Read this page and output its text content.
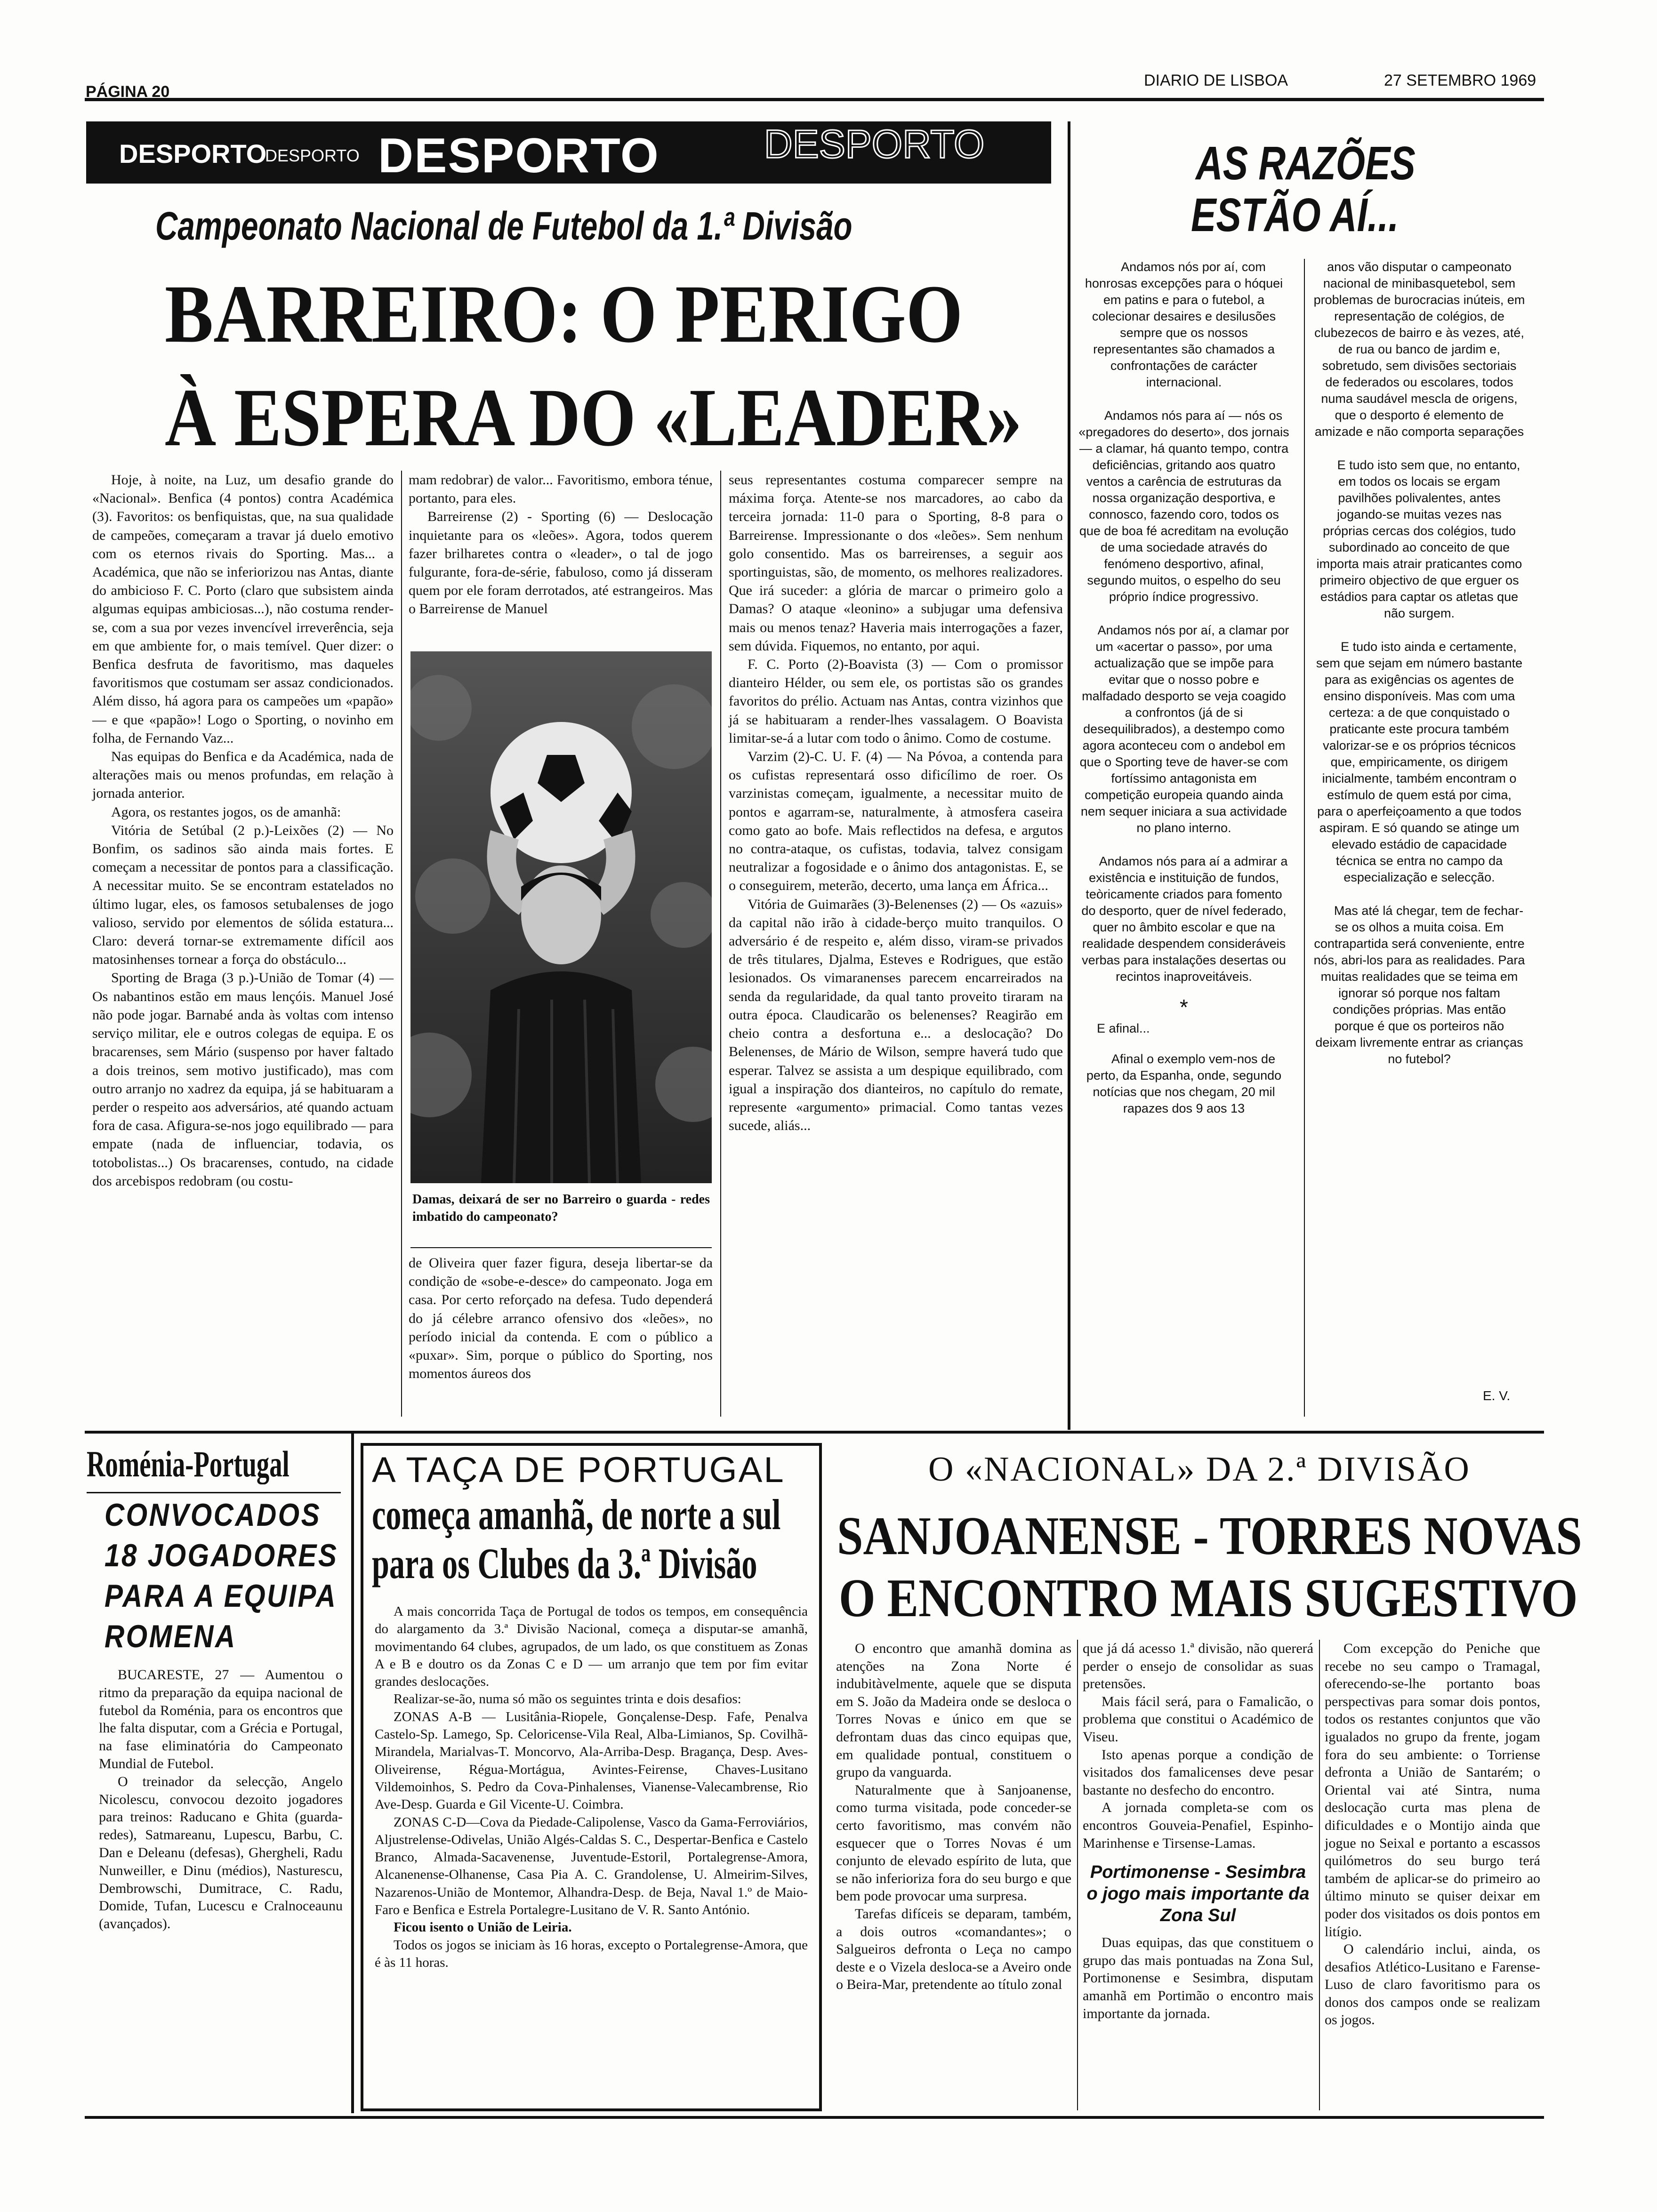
PÁGINA 20
DIARIO DE LISBOA	27 SETEMBRO 1969
DESPORTO
DESPORTO DESPORTO	DESPORTO
Campeonato Nacional de Futebol da 1.ª Divisão
BARREIRO: O PERIGO
À ESPERA DO «LEADER»

Hoje, à noite, na Luz, um desafio grande do «Nacional». Benfica (4 pontos) contra Académica (3). Favoritos: os benfiquistas, que, na sua qualidade de campeões, começaram a travar já duelo emotivo com os eternos rivais do Sporting. Mas... a Académica, que não se inferiorizou nas Antas, diante do ambicioso F. C. Porto (claro que subsistem ainda algumas equipas ambiciosas...), não costuma render-se, com a sua por vezes invencível irreverência, seja em que ambiente for, o mais temível. Quer dizer: o Benfica desfruta de favoritismo, mas daqueles favoritismos que costumam ser assaz condicionados. Além disso, há agora para os campeões um «papão» — e que «papão»! Logo o Sporting, o novinho em folha, de Fernando Vaz...

Nas equipas do Benfica e da Académica, nada de alterações mais ou menos profundas, em relação à jornada anterior.

Agora, os restantes jogos, os de amanhã:

Vitória de Setúbal (2 p.)-Leixões (2) — No Bonfim, os sadinos são ainda mais fortes. E começam a necessitar de pontos para a classificação. A necessitar muito. Se se encontram estatelados no último lugar, eles, os famosos setubalenses de jogo valioso, servido por elementos de sólida estatura... Claro: deverá tornar-se extremamente difícil aos matosinhenses tornear a força do obstáculo...

Sporting de Braga (3 p.)-União de Tomar (4) — Os nabantinos estão em maus lençóis. Manuel José não pode jogar. Barnabé anda às voltas com intenso serviço militar, ele e outros colegas de equipa. E os bracarenses, sem Mário (suspenso por haver faltado a dois treinos, sem motivo justificado), mas com outro arranjo no xadrez da equipa, já se habituaram a perder o respeito aos adversários, até quando actuam fora de casa. Afigura-se-nos jogo equilibrado — para empate (nada de influenciar, todavia, os totobolistas...) Os bracarenses, contudo, na cidade dos arcebispos redobram (ou costu-

mam redobrar) de valor... Favoritismo, embora ténue, portanto, para eles.

Barreirense (2) - Sporting (6) — Deslocação inquietante para os «leões». Agora, todos querem fazer brilharetes contra o «leader», o tal de jogo fulgurante, fora-de-série, fabuloso, como já disseram quem por ele foram derrotados, até estrangeiros. Mas o Barreirense de Manuel

Damas, deixará de ser no Barreiro o guarda - redes imbatido do campeonato?

de Oliveira quer fazer figura, deseja libertar-se da condição de «sobe-e-desce» do campeonato. Joga em casa. Por certo reforçado na defesa. Tudo dependerá do já célebre arranco ofensivo dos «leões», no período inicial da contenda. E com o público a «puxar». Sim, porque o público do Sporting, nos momentos áureos dos

seus representantes costuma comparecer sempre na máxima força. Atente-se nos marcadores, ao cabo da terceira jornada: 11-0 para o Sporting, 8-8 para o Barreirense. Impressionante o dos «leões». Sem nenhum golo consentido. Mas os barreirenses, a seguir aos sportinguistas, são, de momento, os melhores realizadores. Que irá suceder: a glória de marcar o primeiro golo a Damas? O ataque «leonino» a subjugar uma defensiva mais ou menos tenaz? Haveria mais interrogações a fazer, sem dúvida. Fiquemos, no entanto, por aqui.

F. C. Porto (2)-Boavista (3) — Com o promissor dianteiro Hélder, ou sem ele, os portistas são os grandes favoritos do prélio. Actuam nas Antas, contra vizinhos que já se habituaram a render-lhes vassalagem. O Boavista limitar-se-á a lutar com todo o ânimo. Como de costume.

Varzim (2)-C. U. F. (4) — Na Póvoa, a contenda para os cufistas representará osso dificílimo de roer. Os varzinistas começam, igualmente, a necessitar muito de pontos e agarram-se, naturalmente, à atmosfera caseira como gato ao bofe. Mais reflectidos na defesa, e argutos no contra-ataque, os cufistas, todavia, talvez consigam neutralizar a fogosidade e o ânimo dos antagonistas. E, se o conseguirem, meterão, decerto, uma lança em África...

Vitória de Guimarães (3)-Belenenses (2) — Os «azuis» da capital não irão à cidade-berço muito tranquilos. O adversário é de respeito e, além disso, viram-se privados de três titulares, Djalma, Esteves e Rodrigues, que estão lesionados. Os vimaranenses parecem encarreirados na senda da regularidade, da qual tanto proveito tiraram na outra época. Claudicarão os belenenses? Reagirão em cheio contra a desfortuna e... a deslocação? Do Belenenses, de Mário de Wilson, sempre haverá tudo que esperar. Talvez se assista a um despique equilibrado, com igual a inspiração dos dianteiros, no capítulo do remate, represente «argumento» primacial. Como tantas vezes sucede, aliás...

AS RAZÕES
ESTÃO AÍ...

Andamos nós por aí, com honrosas excepções para o hóquei em patins e para o futebol, a colecionar desaires e desilusões sempre que os nossos representantes são chamados a confrontações de carácter internacional.

Andamos nós para aí — nós os «pregadores do deserto», dos jornais — a clamar, há quanto tempo, contra deficiências, gritando aos quatro ventos a carência de estruturas da nossa organização desportiva, e connosco, fazendo coro, todos os que de boa fé acreditam na evolução de uma sociedade através do fenómeno desportivo, afinal, segundo muitos, o espelho do seu próprio índice progressivo.

Andamos nós por aí, a clamar por um «acertar o passo», por uma actualização que se impõe para evitar que o nosso pobre e malfadado desporto se veja coagido a confrontos (já de si desequilibrados), a destempo como agora aconteceu com o andebol em que o Sporting teve de haver-se com fortíssimo antagonista em competição europeia quando ainda nem sequer iniciara a sua actividade no plano interno.

Andamos nós para aí a admirar a existência e instituição de fundos, teòricamente criados para fomento do desporto, quer de nível federado, quer no âmbito escolar e que na realidade despendem consideráveis verbas para instalações desertas ou recintos inaproveitáveis.

*

E afinal...

Afinal o exemplo vem-nos de perto, da Espanha, onde, segundo notícias que nos chegam, 20 mil rapazes dos 9 aos 13

anos vão disputar o campeonato nacional de minibasquetebol, sem problemas de burocracias inúteis, em representação de colégios, de clubezecos de bairro e às vezes, até, de rua ou banco de jardim e, sobretudo, sem divisões sectoriais de federados ou escolares, todos numa saudável mescla de origens, que o desporto é elemento de amizade e não comporta separações

E tudo isto sem que, no entanto, em todos os locais se ergam pavilhões polivalentes, antes jogando-se muitas vezes nas próprias cercas dos colégios, tudo subordinado ao conceito de que importa mais atrair praticantes como primeiro objectivo de que erguer os estádios para captar os atletas que não surgem.

E tudo isto ainda e certamente, sem que sejam em número bastante para as exigências os agentes de ensino disponíveis. Mas com uma certeza: a de que conquistado o praticante este procura também valorizar-se e os próprios técnicos que, empiricamente, os dirigem inicialmente, também encontram o estímulo de quem está por cima, para o aperfeiçoamento a que todos aspiram. E só quando se atinge um elevado estádio de capacidade técnica se entra no campo da especialização e selecção.

Mas até lá chegar, tem de fechar-se os olhos a muita coisa. Em contrapartida será conveniente, entre nós, abri-los para as realidades. Para muitas realidades que se teima em ignorar só porque nos faltam condições próprias. Mas então porque é que os porteiros não deixam livremente entrar as crianças no futebol?

E. V.
Roménia-Portugal
CONVOCADOS
18 JOGADORES
PARA A EQUIPA
ROMENA

BUCARESTE, 27 — Aumentou o ritmo da preparação da equipa nacional de futebol da Roménia, para os encontros que lhe falta disputar, com a Grécia e Portugal, na fase eliminatória do Campeonato Mundial de Futebol.

O treinador da selecção, Angelo Nicolescu, convocou dezoito jogadores para treinos: Raducano e Ghita (guarda-redes), Satmareanu, Lupescu, Barbu, C. Dan e Deleanu (defesas), Ghergheli, Radu Nunweiller, e Dinu (médios), Nasturescu, Dembrowschi, Dumitrace, C. Radu, Domide, Tufan, Lucescu e Cralnoceaunu (avançados).

A TAÇA DE PORTUGAL
começa amanhã, de norte a sul
para os Clubes da 3.ª Divisão

A mais concorrida Taça de Portugal de todos os tempos, em consequência do alargamento da 3.ª Divisão Nacional, começa a disputar-se amanhã, movimentando 64 clubes, agrupados, de um lado, os que constituem as Zonas A e B e doutro os da Zonas C e D — um arranjo que tem por fim evitar grandes deslocações.

Realizar-se-ão, numa só mão os seguintes trinta e dois desafios:

ZONAS A-B — Lusitânia-Riopele, Gonçalense-Desp. Fafe, Penalva Castelo-Sp. Lamego, Sp. Celoricense-Vila Real, Alba-Limianos, Sp. Covilhã-Mirandela, Marialvas-T. Moncorvo, Ala-Arriba-Desp. Bragança, Desp. Aves-Oliveirense, Régua-Mortágua, Avintes-Feirense, Chaves-Lusitano Vildemoinhos, S. Pedro da Cova-Pinhalenses, Vianense-Valecambrense, Rio Ave-Desp. Guarda e Gil Vicente-U. Coimbra.

ZONAS C-D—Cova da Piedade-Calipolense, Vasco da Gama-Ferroviários, Aljustrelense-Odivelas, União Algés-Caldas S. C., Despertar-Benfica e Castelo Branco, Almada-Sacavenense, Juventude-Estoril, Portalegrense-Amora, Alcanenense-Olhanense, Casa Pia A. C. Grandolense, U. Almeirim-Silves, Nazarenos-União de Montemor, Alhandra-Desp. de Beja, Naval 1.º de Maio-Faro e Benfica e Estrela Portalegre-Lusitano de V. R. Santo António.

Ficou isento o União de Leiria.

Todos os jogos se iniciam às 16 horas, excepto o Portalegrense-Amora, que é às 11 horas.

O «NACIONAL» DA 2.ª DIVISÃO
SANJOANENSE - TORRES NOVAS
O ENCONTRO MAIS SUGESTIVO

O encontro que amanhã domina as atenções na Zona Norte é indubitàvelmente, aquele que se disputa em S. João da Madeira onde se desloca o Torres Novas e único em que se defrontam duas das cinco equipas que, em qualidade pontual, constituem o grupo da vanguarda.

Naturalmente que à Sanjoanense, como turma visitada, pode conceder-se certo favoritismo, mas convém não esquecer que o Torres Novas é um conjunto de elevado espírito de luta, que se não inferioriza fora do seu burgo e que bem pode provocar uma surpresa.

Tarefas difíceis se deparam, também, a dois outros «comandantes»; o Salgueiros defronta o Leça no campo deste e o Vizela desloca-se a Aveiro onde o Beira-Mar, pretendente ao título zonal

que já dá acesso 1.ª divisão, não quererá perder o ensejo de consolidar as suas pretensões.

Mais fácil será, para o Famalicão, o problema que constitui o Académico de Viseu.

Isto apenas porque a condição de visitados dos famalicenses deve pesar bastante no desfecho do encontro.

A jornada completa-se com os encontros Gouveia-Penafiel, Espinho-Marinhense e Tirsense-Lamas.

Portimonense - Sesimbra o jogo mais importante da Zona Sul

Duas equipas, das que constituem o grupo das mais pontuadas na Zona Sul, Portimonense e Sesimbra, disputam amanhã em Portimão o encontro mais importante da jornada.

Com excepção do Peniche que recebe no seu campo o Tramagal, oferecendo-se-lhe portanto boas perspectivas para somar dois pontos, todos os restantes conjuntos que vão igualados no grupo da frente, jogam fora do seu ambiente: o Torriense defronta a União de Santarém; o Oriental vai até Sintra, numa deslocação curta mas plena de dificuldades e o Montijo ainda que jogue no Seixal e portanto a escassos quilómetros do seu burgo terá também de aplicar-se do primeiro ao último minuto se quiser deixar em poder dos visitados os dois pontos em litígio.

O calendário inclui, ainda, os desafios Atlético-Lusitano e Farense-Luso de claro favoritismo para os donos dos campos onde se realizam os jogos.
